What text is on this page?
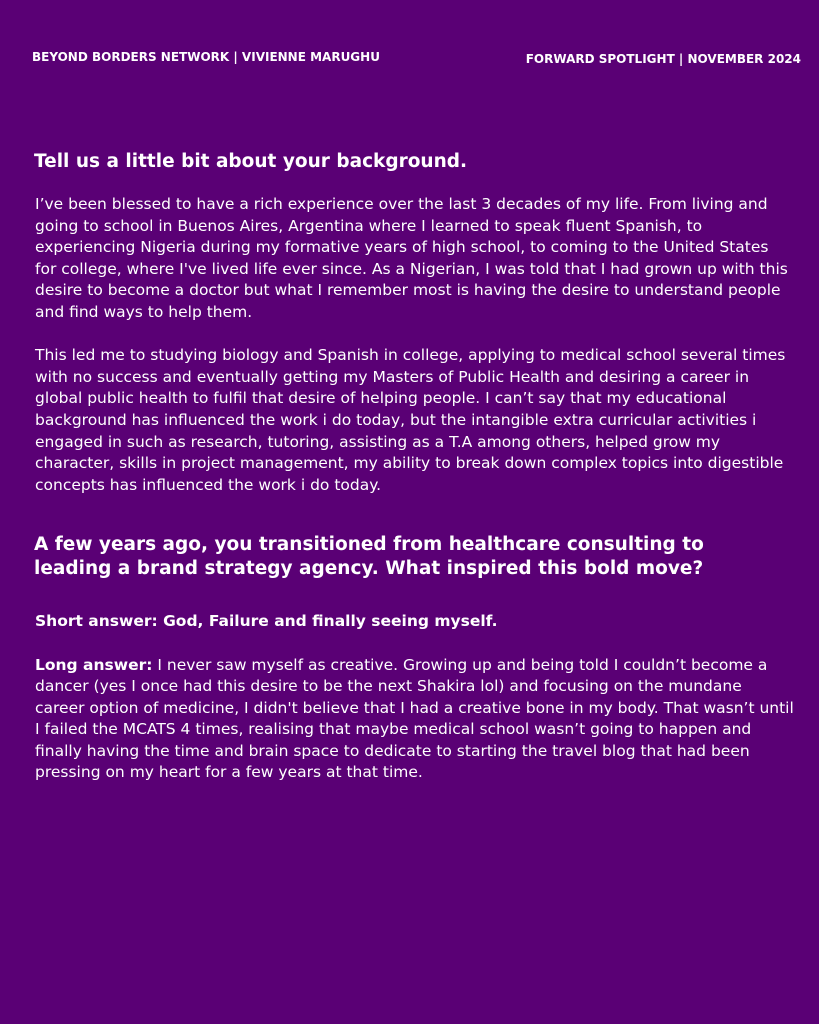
BEYOND BORDERS NETWORK | VIVIENNE MARUGHU	FORWARD SPOTLIGHT | NOVEMBER 2024
Tell us a little bit about your background.

I’ve been blessed to have a rich experience over the last 3 decades of my life. From living and going to school in Buenos Aires, Argentina where I learned to speak fluent Spanish, to experiencing Nigeria during my formative years of high school, to coming to the United States for college, where I've lived life ever since. As a Nigerian, I was told that I had grown up with this desire to become a doctor but what I remember most is having the desire to understand people and find ways to help them.

This led me to studying biology and Spanish in college, applying to medical school several times with no success and eventually getting my Masters of Public Health and desiring a career in global public health to fulfil that desire of helping people. I can’t say that my educational background has influenced the work i do today, but the intangible extra curricular activities i engaged in such as research, tutoring, assisting as a T.A among others, helped grow my character, skills in project management, my ability to break down complex topics into digestible concepts has influenced the work i do today.

A few years ago, you transitioned from healthcare consulting to leading a brand strategy agency. What inspired this bold move?

Short answer: God, Failure and finally seeing myself.

Long answer: I never saw myself as creative. Growing up and being told I couldn’t become a dancer (yes I once had this desire to be the next Shakira lol) and focusing on the mundane career option of medicine, I didn't believe that I had a creative bone in my body. That wasn’t until I failed the MCATS 4 times, realising that maybe medical school wasn’t going to happen and finally having the time and brain space to dedicate to starting the travel blog that had been pressing on my heart for a few years at that time.
